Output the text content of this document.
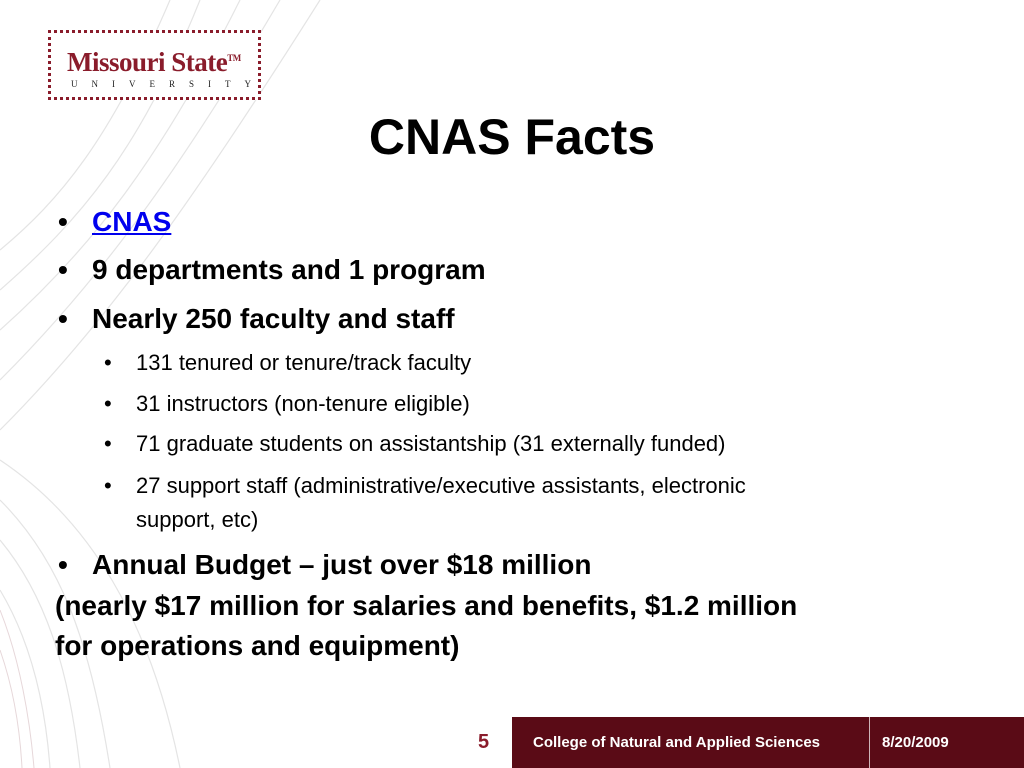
Missouri State™
UNIVERSITY
CNAS Facts
• CNAS
• 9 departments and 1 program
• Nearly 250 faculty and staff
• 131 tenured or tenure/track faculty
• 31 instructors (non-tenure eligible)
• 71 graduate students on assistantship (31 externally funded)
• 27 support staff (administrative/executive assistants, electronic
support, etc)
• Annual Budget – just over $18 million
(nearly $17 million for salaries and benefits, $1.2 million
for operations and equipment)
5	College of Natural and Applied Sciences	8/20/2009
